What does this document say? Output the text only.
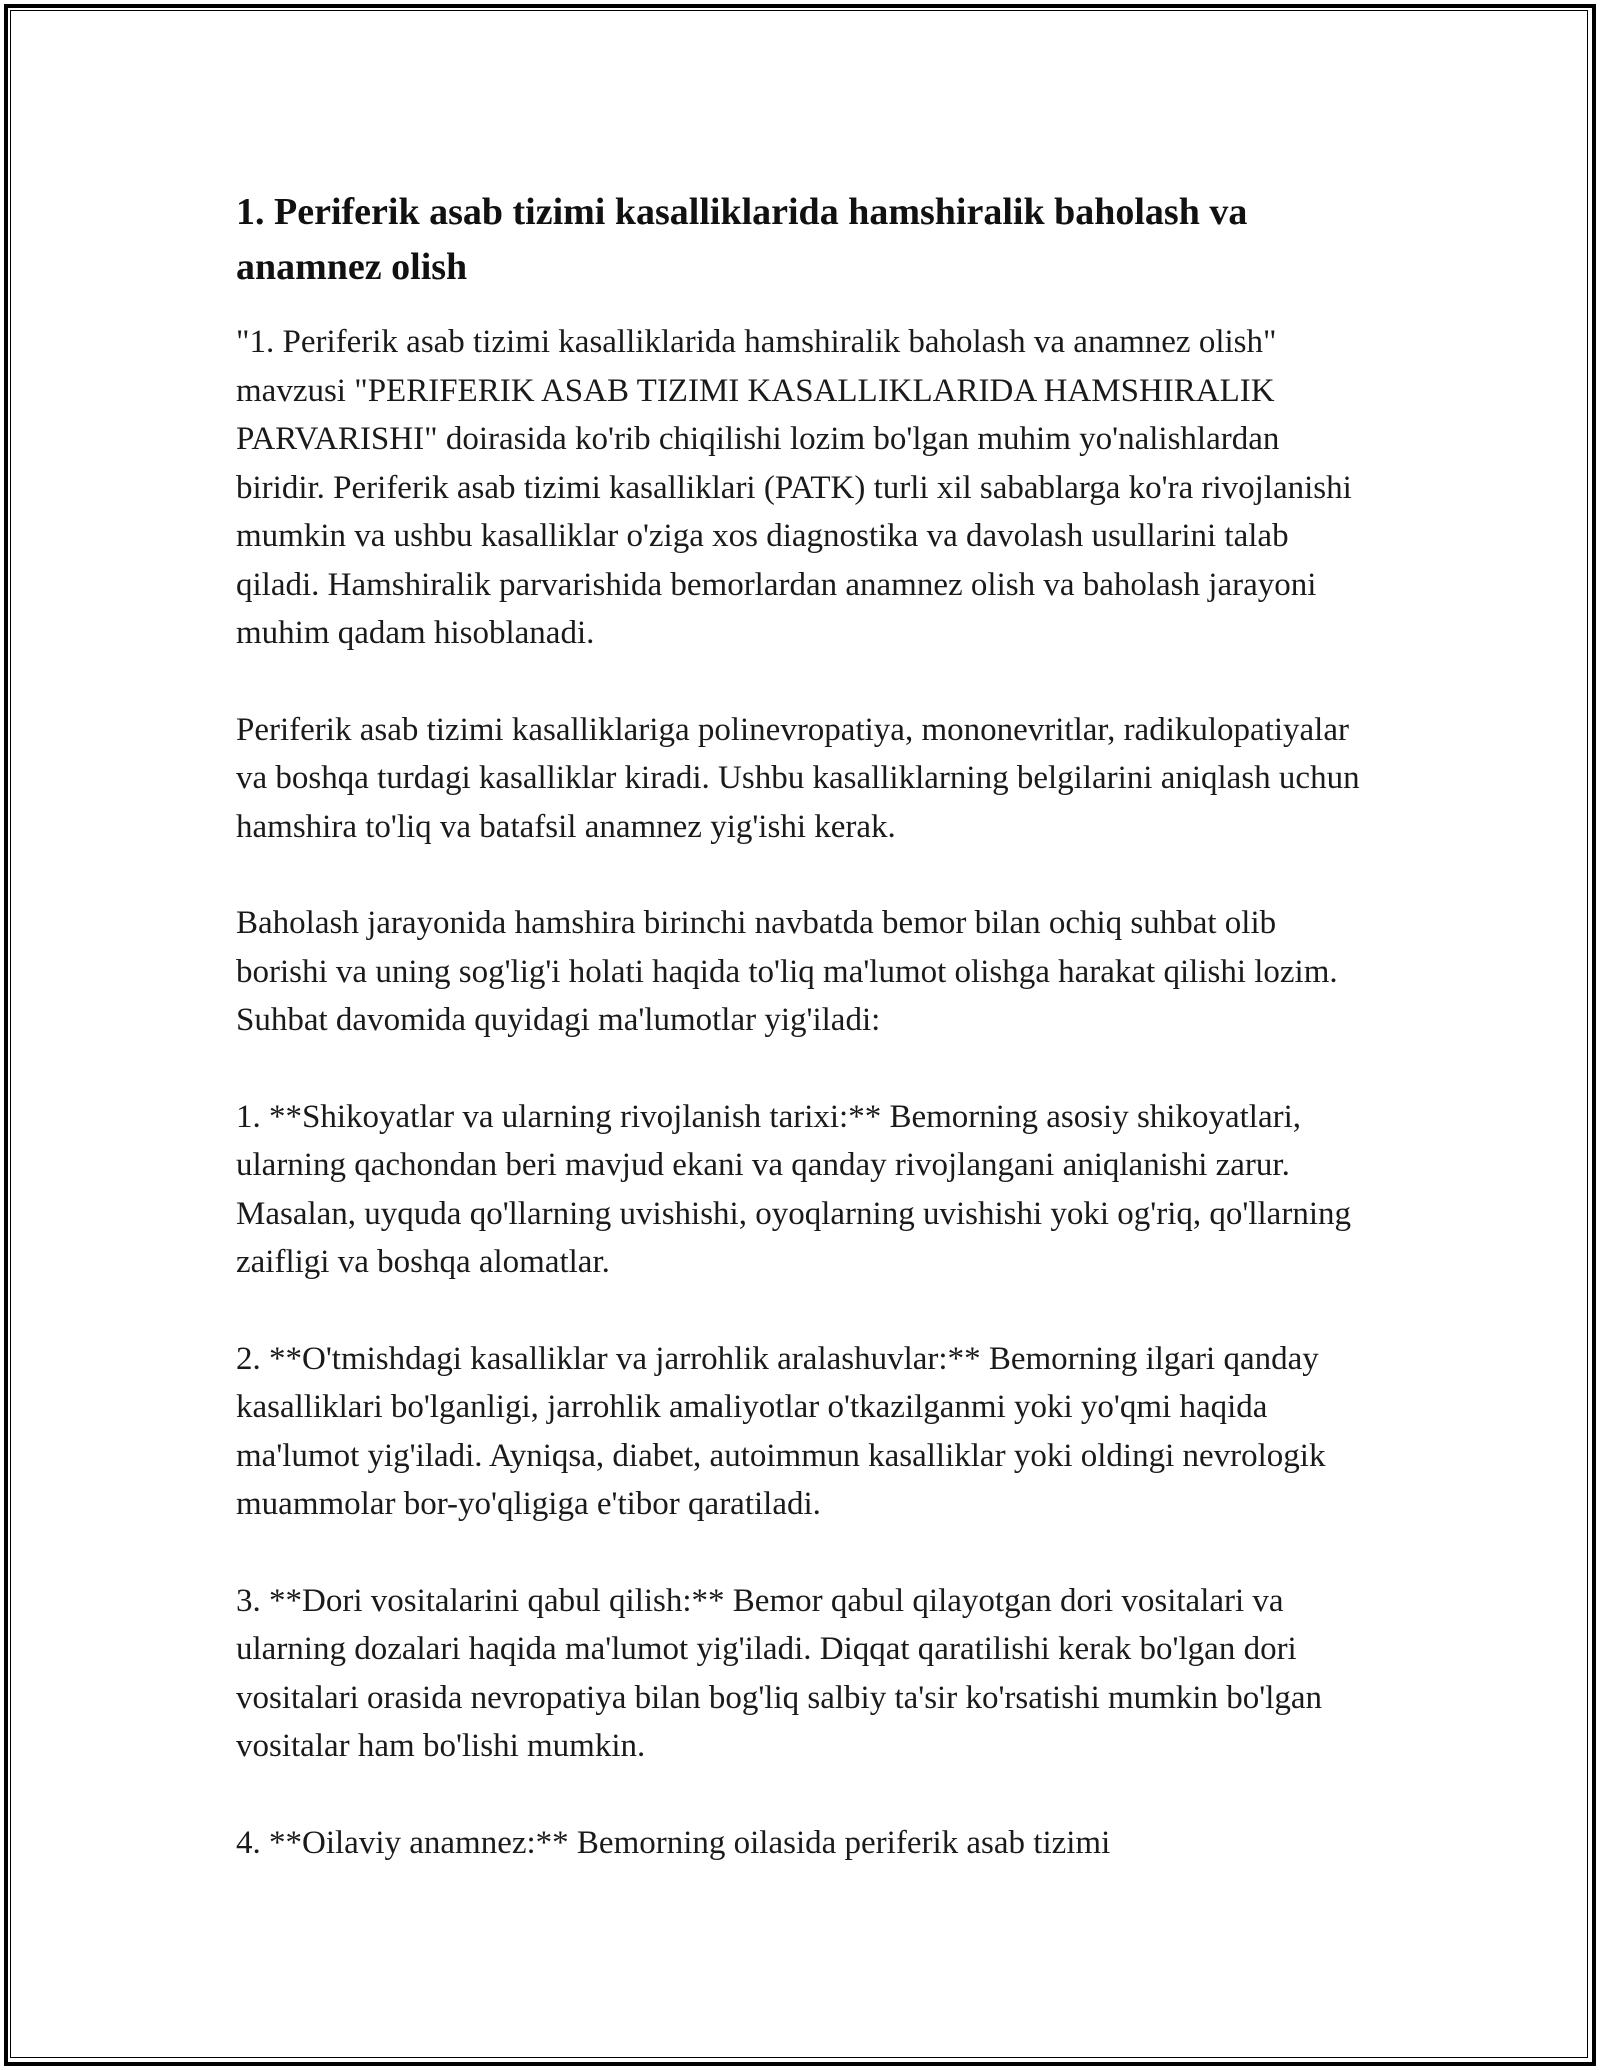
1. Periferik asab tizimi kasalliklarida hamshiralik baholash va anamnez olish

"1. Periferik asab tizimi kasalliklarida hamshiralik baholash va anamnez olish" mavzusi "PERIFERIK ASAB TIZIMI KASALLIKLARIDA HAMSHIRALIK PARVARISHI" doirasida ko'rib chiqilishi lozim bo'lgan muhim yo'nalishlardan biridir. Periferik asab tizimi kasalliklari (PATK) turli xil sabablarga ko'ra rivojlanishi mumkin va ushbu kasalliklar o'ziga xos diagnostika va davolash usullarini talab qiladi. Hamshiralik parvarishida bemorlardan anamnez olish va baholash jarayoni muhim qadam hisoblanadi.

Periferik asab tizimi kasalliklariga polinevropatiya, mononevritlar, radikulopatiyalar va boshqa turdagi kasalliklar kiradi. Ushbu kasalliklarning belgilarini aniqlash uchun hamshira to'liq va batafsil anamnez yig'ishi kerak.

Baholash jarayonida hamshira birinchi navbatda bemor bilan ochiq suhbat olib borishi va uning sog'lig'i holati haqida to'liq ma'lumot olishga harakat qilishi lozim. Suhbat davomida quyidagi ma'lumotlar yig'iladi:

1. **Shikoyatlar va ularning rivojlanish tarixi:** Bemorning asosiy shikoyatlari, ularning qachondan beri mavjud ekani va qanday rivojlangani aniqlanishi zarur. Masalan, uyquda qo'llarning uvishishi, oyoqlarning uvishishi yoki og'riq, qo'llarning zaifligi va boshqa alomatlar.

2. **O'tmishdagi kasalliklar va jarrohlik aralashuvlar:** Bemorning ilgari qanday kasalliklari bo'lganligi, jarrohlik amaliyotlar o'tkazilganmi yoki yo'qmi haqida ma'lumot yig'iladi. Ayniqsa, diabet, autoimmun kasalliklar yoki oldingi nevrologik muammolar bor-yo'qligiga e'tibor qaratiladi.

3. **Dori vositalarini qabul qilish:** Bemor qabul qilayotgan dori vositalari va ularning dozalari haqida ma'lumot yig'iladi. Diqqat qaratilishi kerak bo'lgan dori vositalari orasida nevropatiya bilan bog'liq salbiy ta'sir ko'rsatishi mumkin bo'lgan vositalar ham bo'lishi mumkin.

4. **Oilaviy anamnez:** Bemorning oilasida periferik asab tizimi
